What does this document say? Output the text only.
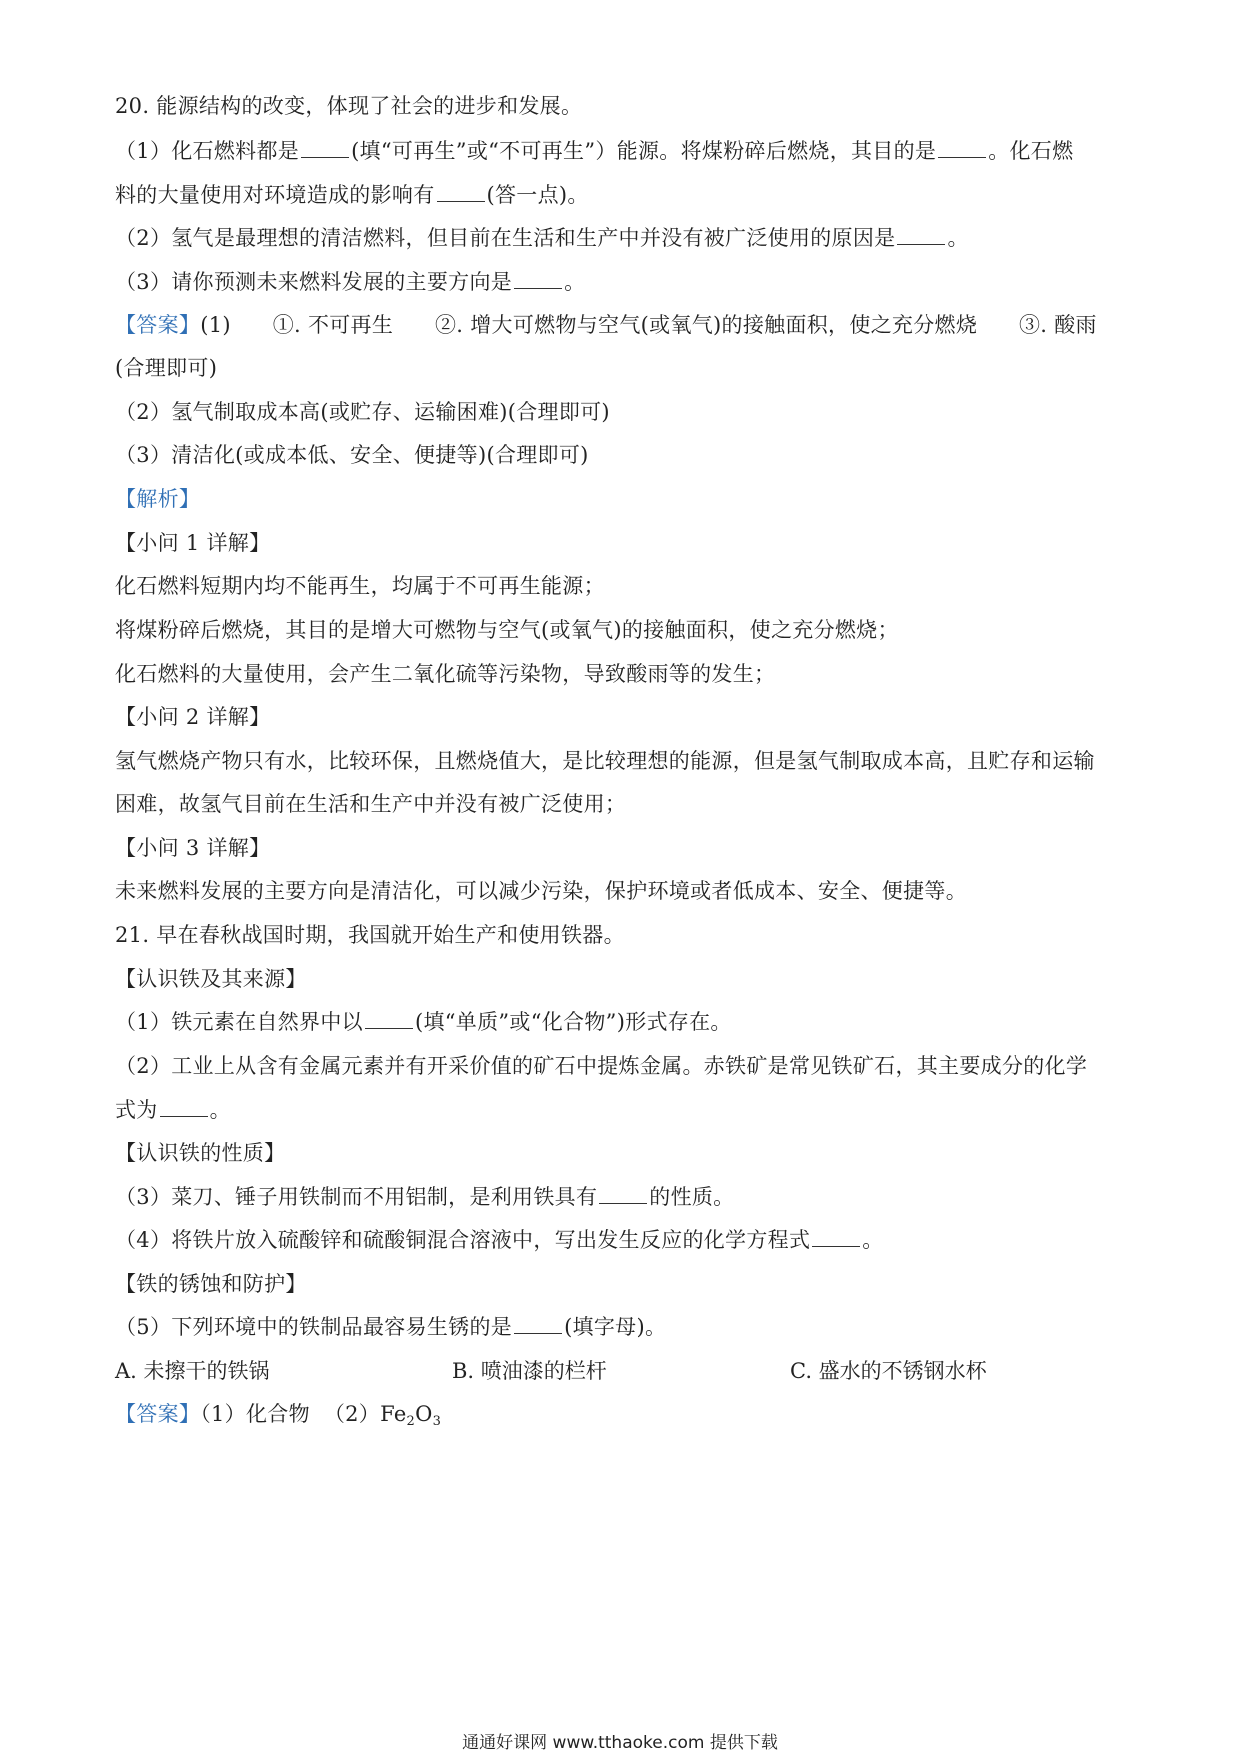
20. 能源结构的改变，体现了社会的进步和发展。
（1）化石燃料都是 (填“可再生”或“不可再生”）能源。将煤粉碎后燃烧，其目的是 。化石燃
料的大量使用对环境造成的影响有 (答一点)。
（2）氢气是最理想的清洁燃料，但目前在生活和生产中并没有被广泛使用的原因是 。
（3）请你预测未来燃料发展的主要方向是 。
【答案】(1)      ①. 不可再生      ②. 增大可燃物与空气(或氧气)的接触面积，使之充分燃烧      ③. 酸雨
(合理即可)
（2）氢气制取成本高(或贮存、运输困难)(合理即可)
（3）清洁化(或成本低、安全、便捷等)(合理即可)
【解析】
【小问 1 详解】
化石燃料短期内均不能再生，均属于不可再生能源；
将煤粉碎后燃烧，其目的是增大可燃物与空气(或氧气)的接触面积，使之充分燃烧；
化石燃料的大量使用，会产生二氧化硫等污染物，导致酸雨等的发生；
【小问 2 详解】
氢气燃烧产物只有水，比较环保，且燃烧值大，是比较理想的能源，但是氢气制取成本高，且贮存和运输
困难，故氢气目前在生活和生产中并没有被广泛使用；
【小问 3 详解】
未来燃料发展的主要方向是清洁化，可以减少污染，保护环境或者低成本、安全、便捷等。
21. 早在春秋战国时期，我国就开始生产和使用铁器。
【认识铁及其来源】
（1）铁元素在自然界中以 (填“单质”或“化合物”)形式存在。
（2）工业上从含有金属元素并有开采价值的矿石中提炼金属。赤铁矿是常见铁矿石，其主要成分的化学
式为 。
【认识铁的性质】
（3）菜刀、锤子用铁制而不用铝制，是利用铁具有 的性质。
（4）将铁片放入硫酸锌和硫酸铜混合溶液中，写出发生反应的化学方程式 。
【铁的锈蚀和防护】
（5）下列环境中的铁制品最容易生锈的是 (填字母)。
A. 未擦干的铁锅	B. 喷油漆的栏杆	C. 盛水的不锈钢水杯
【答案】（1）化合物 $(2)Fe_2O_3$
通通好课网 www.tthaoke.com 提供下载
